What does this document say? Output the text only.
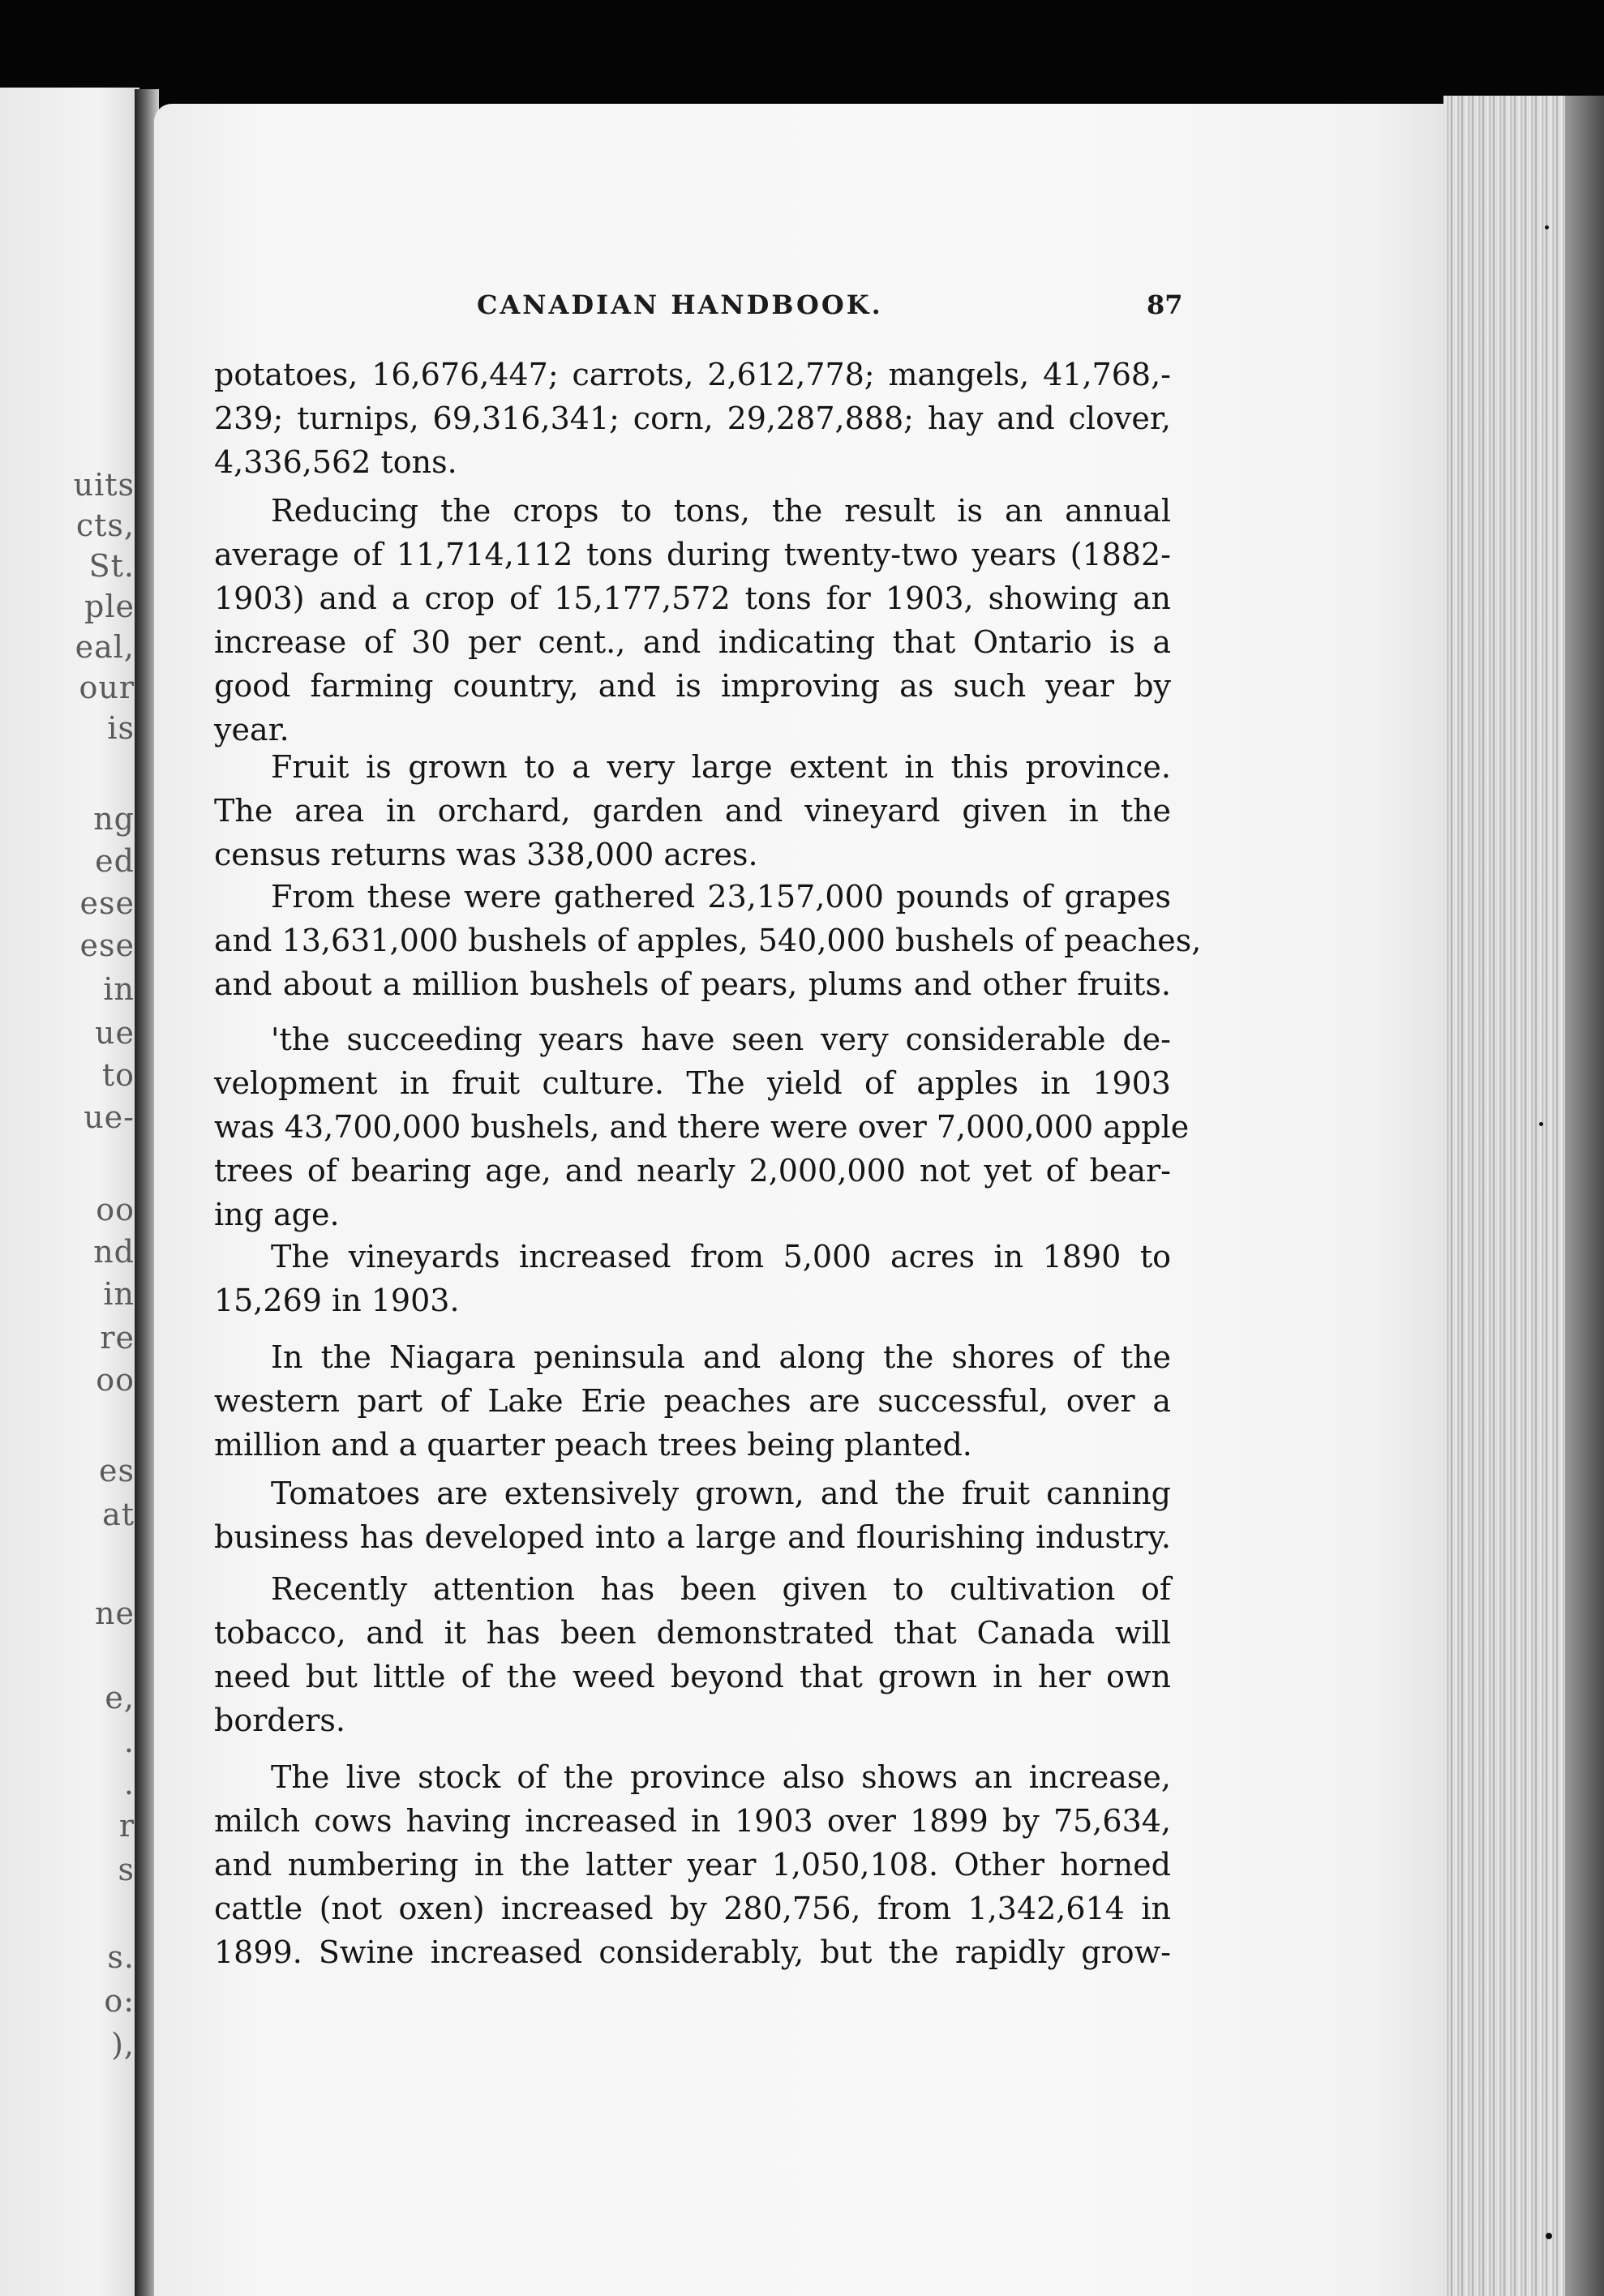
uits
cts,
St.
ple
eal,
our
is
ng
ed
ese
ese
in
ue
to
ue-
oo
nd
in
re
oo
es
at
ne
e,
.
.
r
s
s.
o:
),
CANADIAN HANDBOOK.	87
potatoes, 16,676,447; carrots, 2,612,778; mangels, 41,768,-
239; turnips, 69,316,341; corn, 29,287,888; hay and clover,
4,336,562 tons.
Reducing the crops to tons, the result is an annual
average of 11,714,112 tons during twenty-two years (1882-
1903) and a crop of 15,177,572 tons for 1903, showing an
increase of 30 per cent., and indicating that Ontario is a
good farming country, and is improving as such year by
year.
Fruit is grown to a very large extent in this province.
The area in orchard, garden and vineyard given in the
census returns was 338,000 acres.
From these were gathered 23,157,000 pounds of grapes
and 13,631,000 bushels of apples, 540,000 bushels of peaches,
and about a million bushels of pears, plums and other fruits.
'the succeeding years have seen very considerable de-
velopment in fruit culture. The yield of apples in 1903
was 43,700,000 bushels, and there were over 7,000,000 apple
trees of bearing age, and nearly 2,000,000 not yet of bear-
ing age.
The vineyards increased from 5,000 acres in 1890 to
15,269 in 1903.
In the Niagara peninsula and along the shores of the
western part of Lake Erie peaches are successful, over a
million and a quarter peach trees being planted.
Tomatoes are extensively grown, and the fruit canning
business has developed into a large and flourishing industry.
Recently attention has been given to cultivation of
tobacco, and it has been demonstrated that Canada will
need but little of the weed beyond that grown in her own
borders.
The live stock of the province also shows an increase,
milch cows having increased in 1903 over 1899 by 75,634,
and numbering in the latter year 1,050,108. Other horned
cattle (not oxen) increased by 280,756, from 1,342,614 in
1899. Swine increased considerably, but the rapidly grow-
